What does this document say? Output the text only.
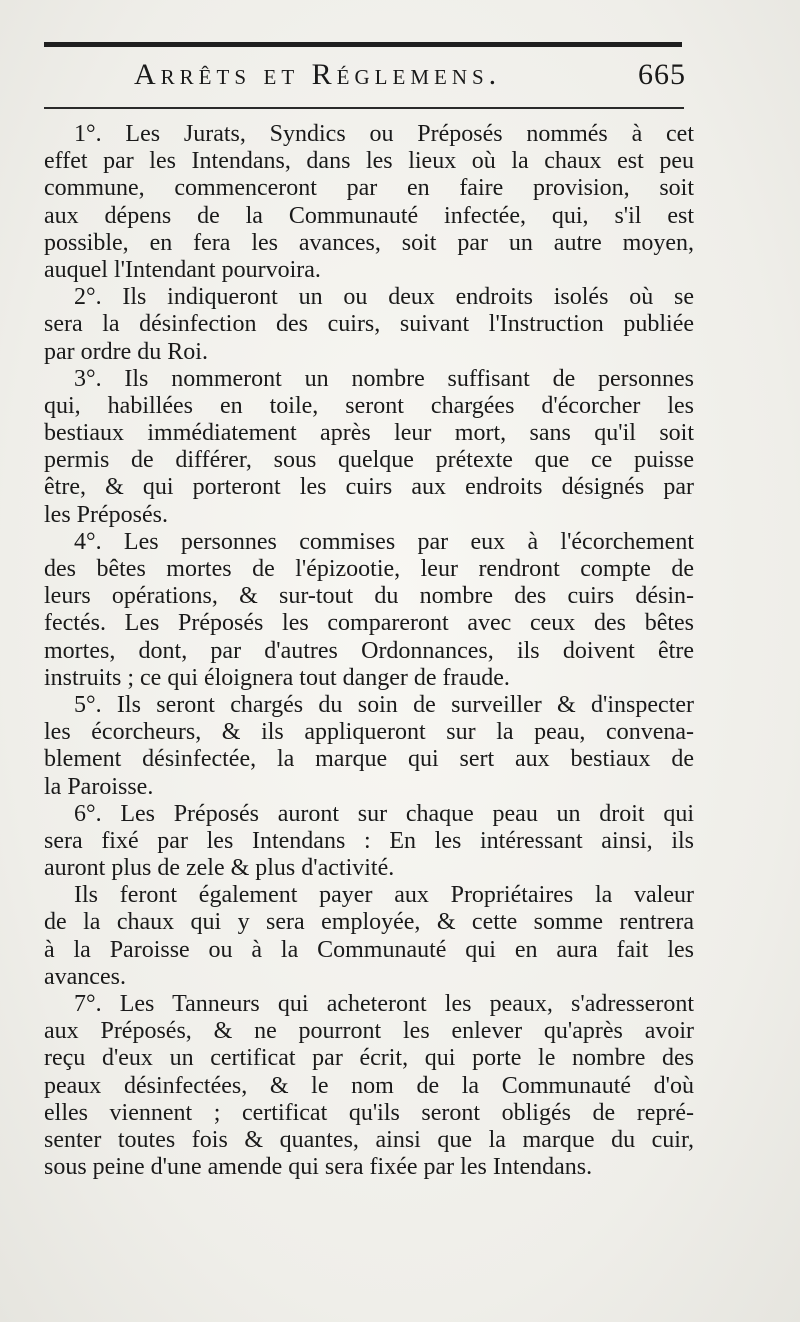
Arrêts et Réglemens.	665
1°. Les Jurats, Syndics ou Préposés nommés à cet
effet par les Intendans, dans les lieux où la chaux est peu
commune, commenceront par en faire provision, soit
aux dépens de la Communauté infectée, qui, s'il est
possible, en fera les avances, soit par un autre moyen,
auquel l'Intendant pourvoira.
2°. Ils indiqueront un ou deux endroits isolés où se
sera la désinfection des cuirs, suivant l'Instruction publiée
par ordre du Roi.
3°. Ils nommeront un nombre suffisant de personnes
qui, habillées en toile, seront chargées d'écorcher les
bestiaux immédiatement après leur mort, sans qu'il soit
permis de différer, sous quelque prétexte que ce puisse
être, & qui porteront les cuirs aux endroits désignés par
les Préposés.
4°. Les personnes commises par eux à l'écorchement
des bêtes mortes de l'épizootie, leur rendront compte de
leurs opérations, & sur-tout du nombre des cuirs désin-
fectés. Les Préposés les compareront avec ceux des bêtes
mortes, dont, par d'autres Ordonnances, ils doivent être
instruits ; ce qui éloignera tout danger de fraude.
5°. Ils seront chargés du soin de surveiller & d'inspecter
les écorcheurs, & ils appliqueront sur la peau, convena-
blement désinfectée, la marque qui sert aux bestiaux de
la Paroisse.
6°. Les Préposés auront sur chaque peau un droit qui
sera fixé par les Intendans : En les intéressant ainsi, ils
auront plus de zele & plus d'activité.
Ils feront également payer aux Propriétaires la valeur
de la chaux qui y sera employée, & cette somme rentrera
à la Paroisse ou à la Communauté qui en aura fait les
avances.
7°. Les Tanneurs qui acheteront les peaux, s'adresseront
aux Préposés, & ne pourront les enlever qu'après avoir
reçu d'eux un certificat par écrit, qui porte le nombre des
peaux désinfectées, & le nom de la Communauté d'où
elles viennent ; certificat qu'ils seront obligés de repré-
senter toutes fois & quantes, ainsi que la marque du cuir,
sous peine d'une amende qui sera fixée par les Intendans.
